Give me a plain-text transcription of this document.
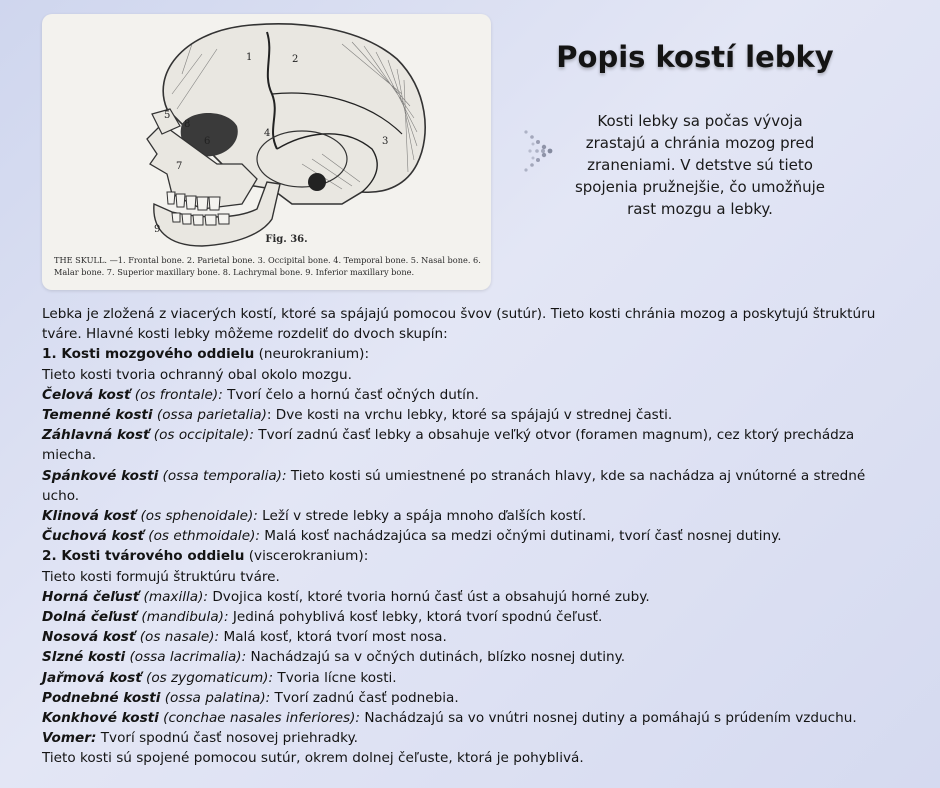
1	2
3
4
5
6
7
8
9
Fig. 36.
THE SKULL. —1. Frontal bone. 2. Parietal bone. 3. Occipital bone. 4. Temporal bone. 5. Nasal bone. 6. Malar bone. 7. Superior maxillary bone. 8. Lachrymal bone. 9. Inferior maxillary bone.
Popis kostí lebky
Kosti lebky sa počas vývoja zrastajú a chránia mozog pred zraneniami. V detstve sú tieto spojenia pružnejšie, čo umožňuje rast mozgu a lebky.

Lebka je zložená z viacerých kostí, ktoré sa spájajú pomocou švov (sutúr). Tieto kosti chránia mozog a poskytujú štruktúru tváre. Hlavné kosti lebky môžeme rozdeliť do dvoch skupín:

1. Kosti mozgového oddielu (neurokranium):

Tieto kosti tvoria ochranný obal okolo mozgu.

Čelová kosť (os frontale): Tvorí čelo a hornú časť očných dutín.

Temenné kosti (ossa parietalia): Dve kosti na vrchu lebky, ktoré sa spájajú v strednej časti.

Záhlavná kosť (os occipitale): Tvorí zadnú časť lebky a obsahuje veľký otvor (foramen magnum), cez ktorý prechádza miecha.

Spánkové kosti (ossa temporalia): Tieto kosti sú umiestnené po stranách hlavy, kde sa nachádza aj vnútorné a stredné ucho.

Klinová kosť (os sphenoidale): Leží v strede lebky a spája mnoho ďalších kostí.

Čuchová kosť (os ethmoidale): Malá kosť nachádzajúca sa medzi očnými dutinami, tvorí časť nosnej dutiny.

2. Kosti tvárového oddielu (viscerokranium):

Tieto kosti formujú štruktúru tváre.

Horná čeľusť (maxilla): Dvojica kostí, ktoré tvoria hornú časť úst a obsahujú horné zuby.

Dolná čeľusť (mandibula): Jediná pohyblivá kosť lebky, ktorá tvorí spodnú čeľusť.

Nosová kosť (os nasale): Malá kosť, ktorá tvorí most nosa.

Slzné kosti (ossa lacrimalia): Nachádzajú sa v očných dutinách, blízko nosnej dutiny.

Jařmová kosť (os zygomaticum): Tvoria lícne kosti.

Podnebné kosti (ossa palatina): Tvorí zadnú časť podnebia.

Konkhové kosti (conchae nasales inferiores): Nachádzajú sa vo vnútri nosnej dutiny a pomáhajú s prúdením vzduchu.

Vomer: Tvorí spodnú časť nosovej priehradky.

Tieto kosti sú spojené pomocou sutúr, okrem dolnej čeľuste, ktorá je pohyblivá.
